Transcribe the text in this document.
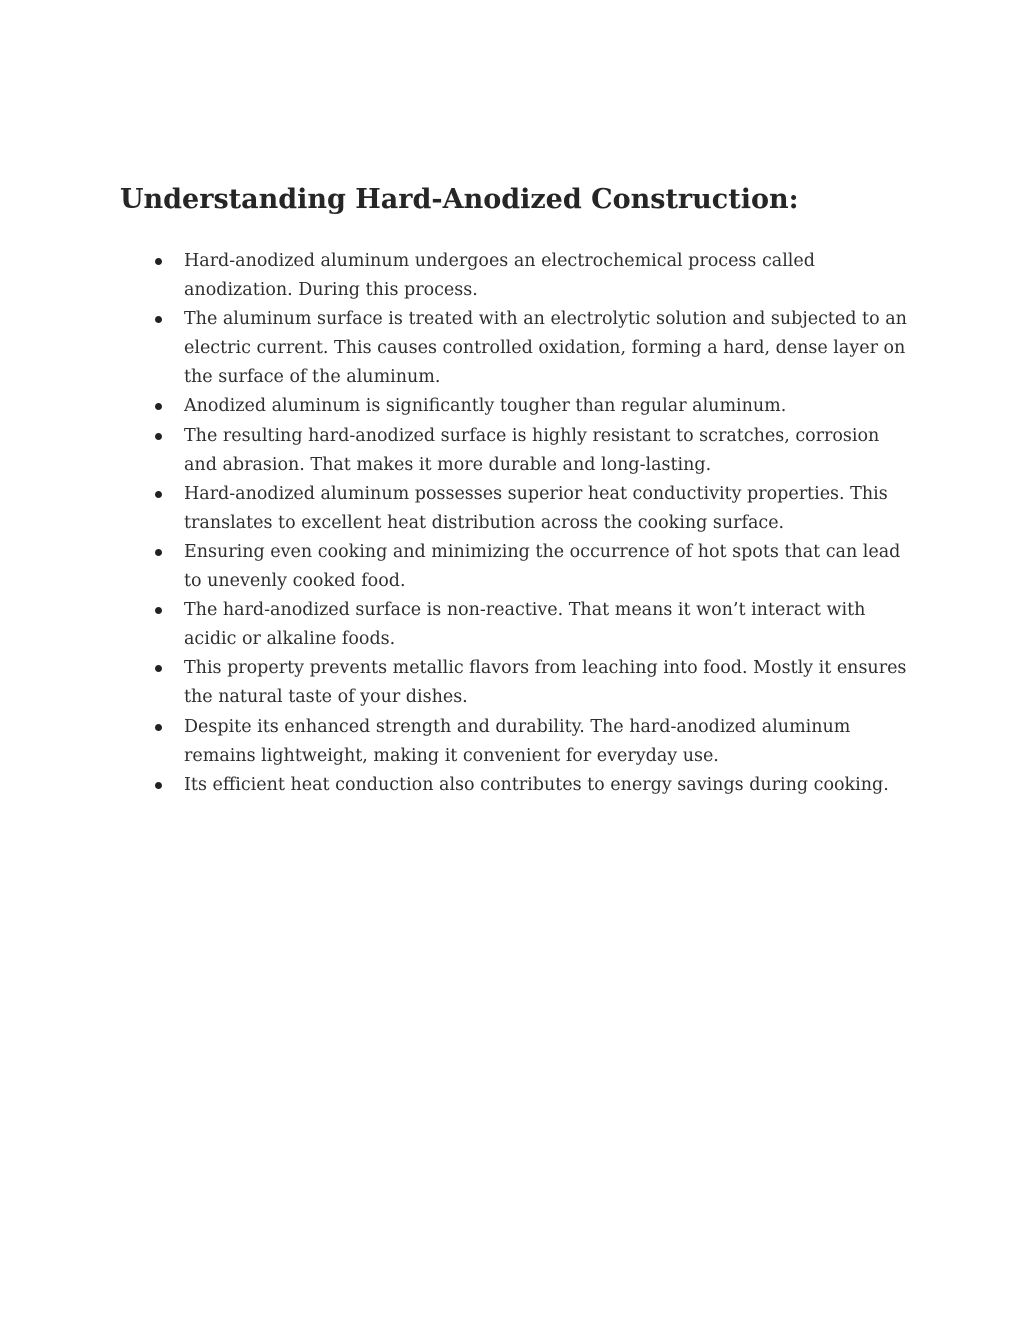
Understanding Hard-Anodized Construction:
Hard-anodized aluminum undergoes an electrochemical process called anodization. During this process.
The aluminum surface is treated with an electrolytic solution and subjected to an electric current. This causes controlled oxidation, forming a hard, dense layer on the surface of the aluminum.
Anodized aluminum is significantly tougher than regular aluminum.
The resulting hard-anodized surface is highly resistant to scratches, corrosion and abrasion. That makes it more durable and long-lasting.
Hard-anodized aluminum possesses superior heat conductivity properties. This translates to excellent heat distribution across the cooking surface.
Ensuring even cooking and minimizing the occurrence of hot spots that can lead to unevenly cooked food.
The hard-anodized surface is non-reactive. That means it won’t interact with acidic or alkaline foods.
This property prevents metallic flavors from leaching into food. Mostly it ensures the natural taste of your dishes.
Despite its enhanced strength and durability. The hard-anodized aluminum remains lightweight, making it convenient for everyday use.
Its efficient heat conduction also contributes to energy savings during cooking.
